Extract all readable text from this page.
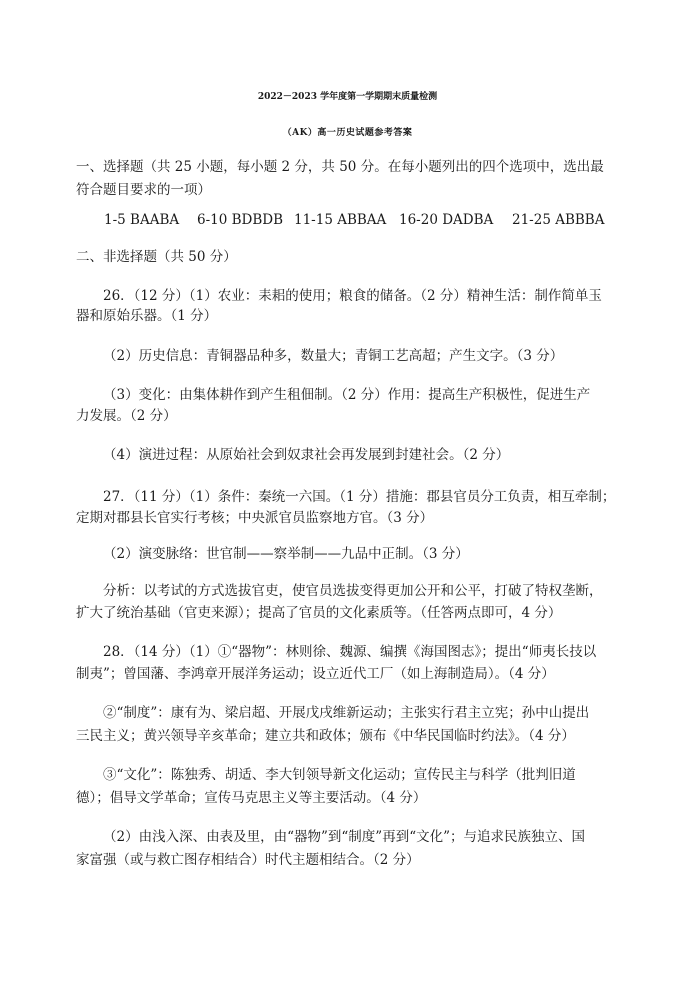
2022－2023 学年度第一学期期末质量检测
（AK）高一历史试题参考答案
一、选择题（共 25 小题，每小题 2 分，共 50 分。在每小题列出的四个选项中，选出最
符合题目要求的一项）
1-5 BAABA 6-10 BDBDB 11-15 ABBAA 16-20 DADBA 21-25 ABBBA
二、非选择题（共 50 分）
26．（12 分）（1）农业：耒耜的使用；粮食的储备。（2 分）精神生活：制作简单玉
器和原始乐器。（1 分）
（2）历史信息：青铜器品种多，数量大；青铜工艺高超；产生文字。（3 分）
（3）变化：由集体耕作到产生租佃制。（2 分）作用：提高生产积极性，促进生产
力发展。（2 分）
（4）演进过程：从原始社会到奴隶社会再发展到封建社会。（2 分）
27．（11 分）（1）条件：秦统一六国。（1 分）措施：郡县官员分工负责，相互牵制；
定期对郡县长官实行考核；中央派官员监察地方官。（3 分）
（2）演变脉络：世官制——察举制——九品中正制。（3 分）
分析：以考试的方式选拔官吏，使官员选拔变得更加公开和公平，打破了特权垄断，
扩大了统治基础（官吏来源）；提高了官员的文化素质等。（任答两点即可，4 分）
28．（14 分）（1）①“器物”：林则徐、魏源、编撰《海国图志》；提出“师夷长技以
制夷”；曾国藩、李鸿章开展洋务运动；设立近代工厂（如上海制造局）。（4 分）
②“制度”：康有为、梁启超、开展戊戌维新运动；主张实行君主立宪；孙中山提出
三民主义；黄兴领导辛亥革命；建立共和政体；颁布《中华民国临时约法》。（4 分）
③“文化”：陈独秀、胡适、李大钊领导新文化运动；宣传民主与科学（批判旧道
德）；倡导文学革命；宣传马克思主义等主要活动。（4 分）
（2）由浅入深、由表及里，由“器物”到“制度”再到“文化”；与追求民族独立、国
家富强（或与救亡图存相结合）时代主题相结合。（2 分）
